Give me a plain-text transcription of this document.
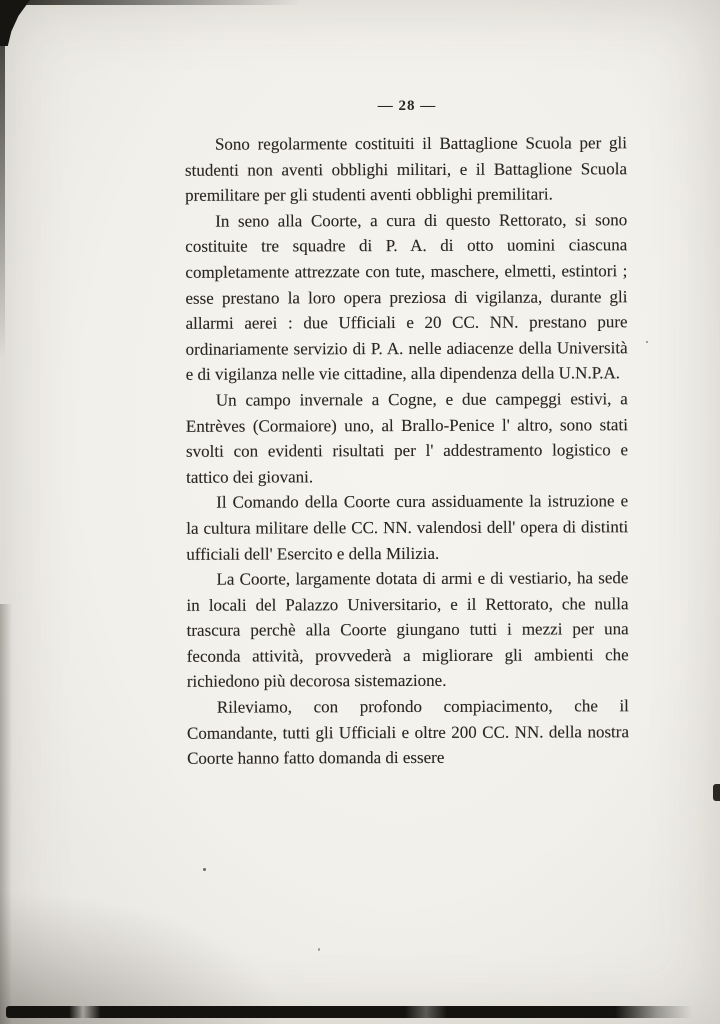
— 28 —

Sono regolarmente costituiti il Battaglione Scuola per gli studenti non aventi obblighi militari, e il Battaglione Scuola premilitare per gli studenti aventi obblighi premilitari.

In seno alla Coorte, a cura di questo Rettorato, si sono costituite tre squadre di P. A. di otto uomini ciascuna completamente attrezzate con tute, maschere, elmetti, estintori ; esse prestano la loro opera preziosa di vigilanza, durante gli allarmi aerei : due Ufficiali e 20 CC. NN. prestano pure ordinariamente servizio di P. A. nelle adiacenze della Università e di vigilanza nelle vie cittadine, alla dipendenza della U.N.P.A.

Un campo invernale a Cogne, e due campeggi estivi, a Entrèves (Cormaiore) uno, al Brallo-Penice l' altro, sono stati svolti con evidenti risultati per l' addestramento logistico e tattico dei giovani.

Il Comando della Coorte cura assiduamente la istruzione e la cultura militare delle CC. NN. valendosi dell' opera di distinti ufficiali dell' Esercito e della Milizia.

La Coorte, largamente dotata di armi e di vestiario, ha sede in locali del Palazzo Universitario, e il Rettorato, che nulla trascura perchè alla Coorte giungano tutti i mezzi per una feconda attività, provvederà a migliorare gli ambienti che richiedono più decorosa sistemazione.

Rileviamo, con profondo compiacimento, che il Comandante, tutti gli Ufficiali e oltre 200 CC. NN. della nostra Coorte hanno fatto domanda di essere
